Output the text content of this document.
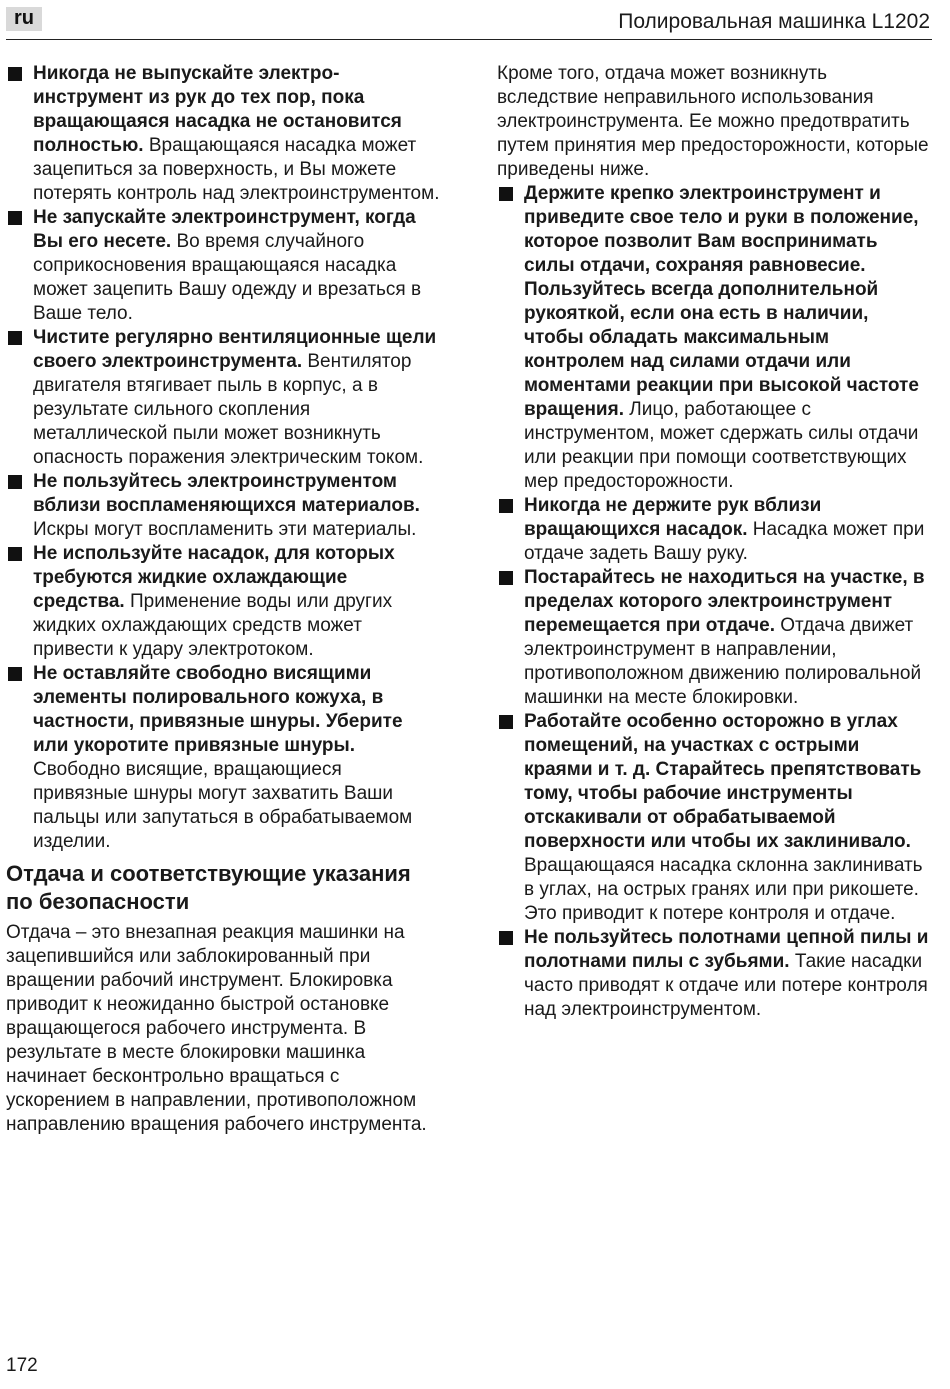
ru	Полировальная машинка L1202
Никогда не выпускайте электроинструмент из рук до тех пор, пока вращающаяся насадка не остановится полностью. Вращающаяся насадка может зацепиться за поверхность, и Вы можете потерять контроль над электроинструментом.
Не запускайте электроинструмент, когда Вы его несете. Во время случайного соприкосновения вращающаяся насадка может зацепить Вашу одежду и врезаться в Ваше тело.
Чистите регулярно вентиляционные щели своего электроинструмента. Вентилятор двигателя втягивает пыль в корпус, а в результате сильного скопления металлической пыли может возникнуть опасность поражения электрическим током.
Не пользуйтесь электроинструментом вблизи воспламеняющихся материалов. Искры могут воспламенить эти материалы.
Не используйте насадок, для которых требуются жидкие охлаждающие средства. Применение воды или других жидких охлаждающих средств может привести к удару электротоком.
Не оставляйте свободно висящими элементы полировального кожуха, в частности, привязные шнуры. Уберите или укоротите привязные шнуры. Свободно висящие, вращающиеся привязные шнуры могут захватить Ваши пальцы или запутаться в обрабатываемом изделии.
Отдача и соответствующие указания по безопасности

Отдача – это внезапная реакция машинки на зацепившийся или заблокированный при вращении рабочий инструмент. Блокировка приводит к неожиданно быстрой остановке вращающегося рабочего инструмента. В результате в месте блокировки машинка начинает бесконтрольно вращаться с ускорением в направлении, противоположном направлению вращения рабочего инструмента.

Кроме того, отдача может возникнуть вследствие неправильного использования электроинструмента. Ее можно предотвратить путем принятия мер предосторожности, которые приведены ниже.

Держите крепко электроинструмент и приведите свое тело и руки в положение, которое позволит Вам воспринимать силы отдачи, сохраняя равновесие. Пользуйтесь всегда дополнительной рукояткой, если она есть в наличии, чтобы обладать максимальным контролем над силами отдачи или моментами реакции при высокой частоте вращения. Лицо, работающее с инструментом, может сдержать силы отдачи или реакции при помощи соответствующих мер предосторожности.
Никогда не держите рук вблизи вращающихся насадок. Насадка может при отдаче задеть Вашу руку.
Постарайтесь не находиться на участке, в пределах которого электроинструмент перемещается при отдаче. Отдача движет электроинструмент в направлении, противоположном движению полировальной машинки на месте блокировки.
Работайте особенно осторожно в углах помещений, на участках с острыми краями и т. д. Старайтесь препятствовать тому, чтобы рабочие инструменты отскакивали от обрабатываемой поверхности или чтобы их заклинивало. Вращающаяся насадка склонна заклинивать в углах, на острых гранях или при рикошете. Это приводит к потере контроля и отдаче.
Не пользуйтесь полотнами цепной пилы и полотнами пилы с зубьями. Такие насадки часто приводят к отдаче или потере контроля над электроинструментом.
172
